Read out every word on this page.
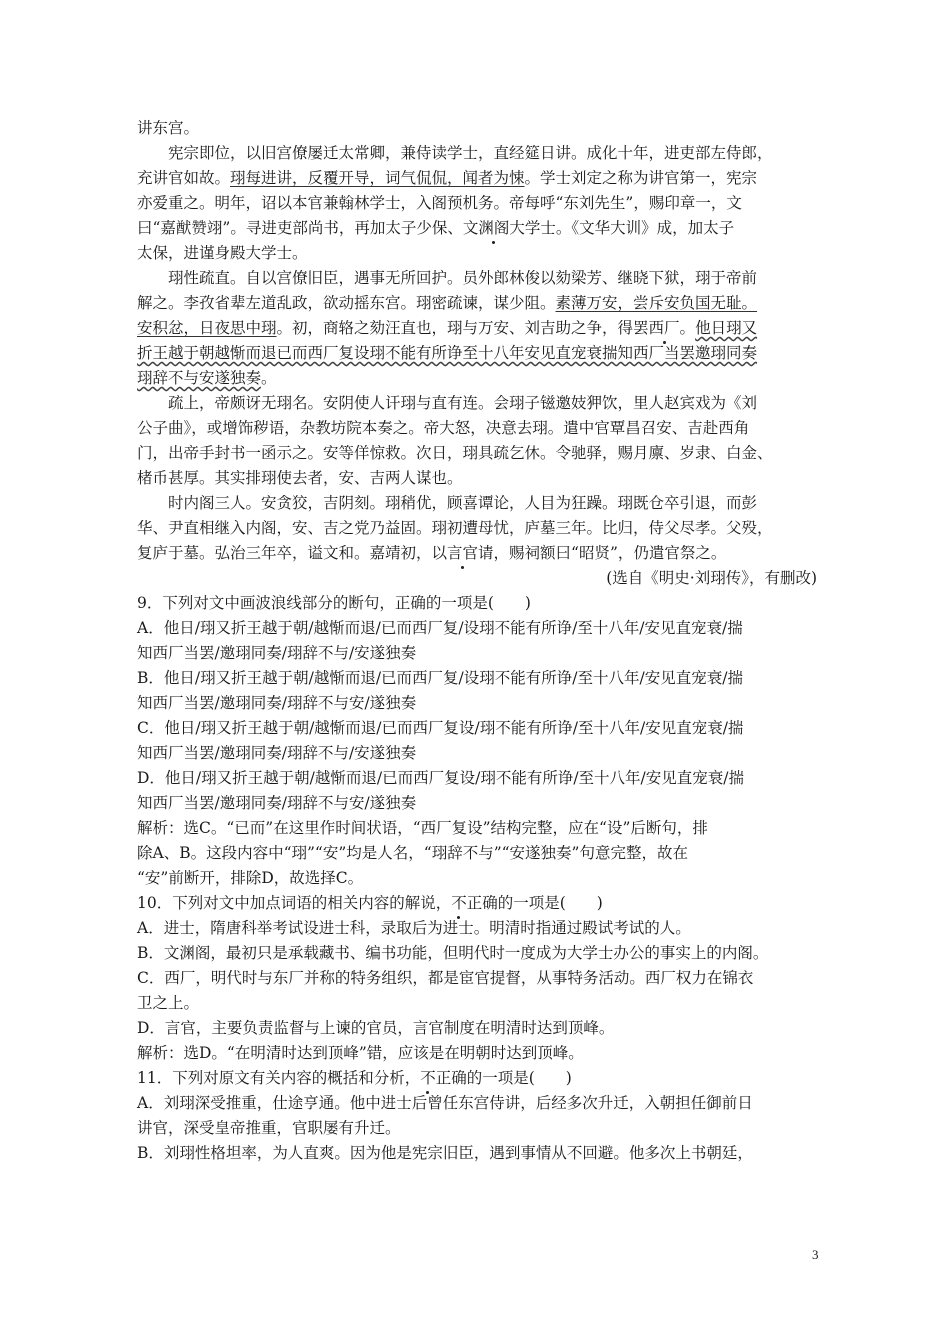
讲东宫。
宪宗即位，以旧宫僚屡迁太常卿，兼侍读学士，直经筵日讲。成化十年，进吏部左侍郎，
充讲官如故。珝每进讲，反覆开导，词气侃侃，闻者为悚。学士刘定之称为讲官第一，宪宗
亦爱重之。明年，诏以本官兼翰林学士，入阁预机务。帝每呼“东刘先生”，赐印章一，文
曰“嘉猷赞翊”。寻进吏部尚书，再加太子少保、文渊阁大学士。《文华大训》成，加太子
太保，进谨身殿大学士。
珝性疏直。自以宫僚旧臣，遇事无所回护。员外郎林俊以劾梁芳、继晓下狱，珝于帝前
解之。李孜省辈左道乱政，欲动摇东宫。珝密疏谏，谋少阻。素薄万安，尝斥安负国无耻。
安积忿，日夜思中珝。初，商辂之劾汪直也，珝与万安、刘吉助之争，得罢西厂。他日珝又
折王越于朝越惭而退已而西厂复设珝不能有所诤至十八年安见直宠衰揣知西厂当罢邀珝同奏
珝辞不与安遂独奏。
疏上，帝颇讶无珝名。安阴使人讦珝与直有连。会珝子镃邀妓狎饮，里人赵宾戏为《刘
公子曲》，或增饰秽语，杂教坊院本奏之。帝大怒，决意去珝。遣中官覃昌召安、吉赴西角
门，出帝手封书一函示之。安等佯惊救。次日，珝具疏乞休。令驰驿，赐月廪、岁隶、白金、
楮币甚厚。其实排珝使去者，安、吉两人谋也。
时内阁三人。安贪狡，吉阴刻。珝稍优，顾喜谭论，人目为狂躁。珝既仓卒引退，而彭
华、尹直相继入内阁，安、吉之党乃益固。珝初遭母忧，庐墓三年。比归，侍父尽孝。父殁，
复庐于墓。弘治三年卒，谥文和。嘉靖初，以言官请，赐祠额曰“昭贤”，仍遣官祭之。
(选自《明史·刘珝传》，有删改)
9．下列对文中画波浪线部分的断句，正确的一项是(　　)
A．他日/珝又折王越于朝/越惭而退/已而西厂复/设珝不能有所诤/至十八年/安见直宠衰/揣
知西厂当罢/邀珝同奏/珝辞不与/安遂独奏
B．他日/珝又折王越于朝/越惭而退/已而西厂复/设珝不能有所诤/至十八年/安见直宠衰/揣
知西厂当罢/邀珝同奏/珝辞不与安/遂独奏
C．他日/珝又折王越于朝/越惭而退/已而西厂复设/珝不能有所诤/至十八年/安见直宠衰/揣
知西厂当罢/邀珝同奏/珝辞不与/安遂独奏
D．他日/珝又折王越于朝/越惭而退/已而西厂复设/珝不能有所诤/至十八年/安见直宠衰/揣
知西厂当罢/邀珝同奏/珝辞不与安/遂独奏
解析：选C。“已而”在这里作时间状语，“西厂复设”结构完整，应在“设”后断句，排
除A、B。这段内容中“珝”“安”均是人名，“珝辞不与”“安遂独奏”句意完整，故在
“安”前断开，排除D，故选择C。
10．下列对文中加点词语的相关内容的解说，不正确的一项是(　　)
A．进士，隋唐科举考试设进士科，录取后为进士。明清时指通过殿试考试的人。
B．文渊阁，最初只是承载藏书、编书功能，但明代时一度成为大学士办公的事实上的内阁。
C．西厂，明代时与东厂并称的特务组织，都是宦官提督，从事特务活动。西厂权力在锦衣
卫之上。
D．言官，主要负责监督与上谏的官员，言官制度在明清时达到顶峰。
解析：选D。“在明清时达到顶峰”错，应该是在明朝时达到顶峰。
11．下列对原文有关内容的概括和分析，不正确的一项是(　　)
A．刘珝深受推重，仕途亨通。他中进士后曾任东宫侍讲，后经多次升迁，入朝担任御前日
讲官，深受皇帝推重，官职屡有升迁。
B．刘珝性格坦率，为人直爽。因为他是宪宗旧臣，遇到事情从不回避。他多次上书朝廷，
3
